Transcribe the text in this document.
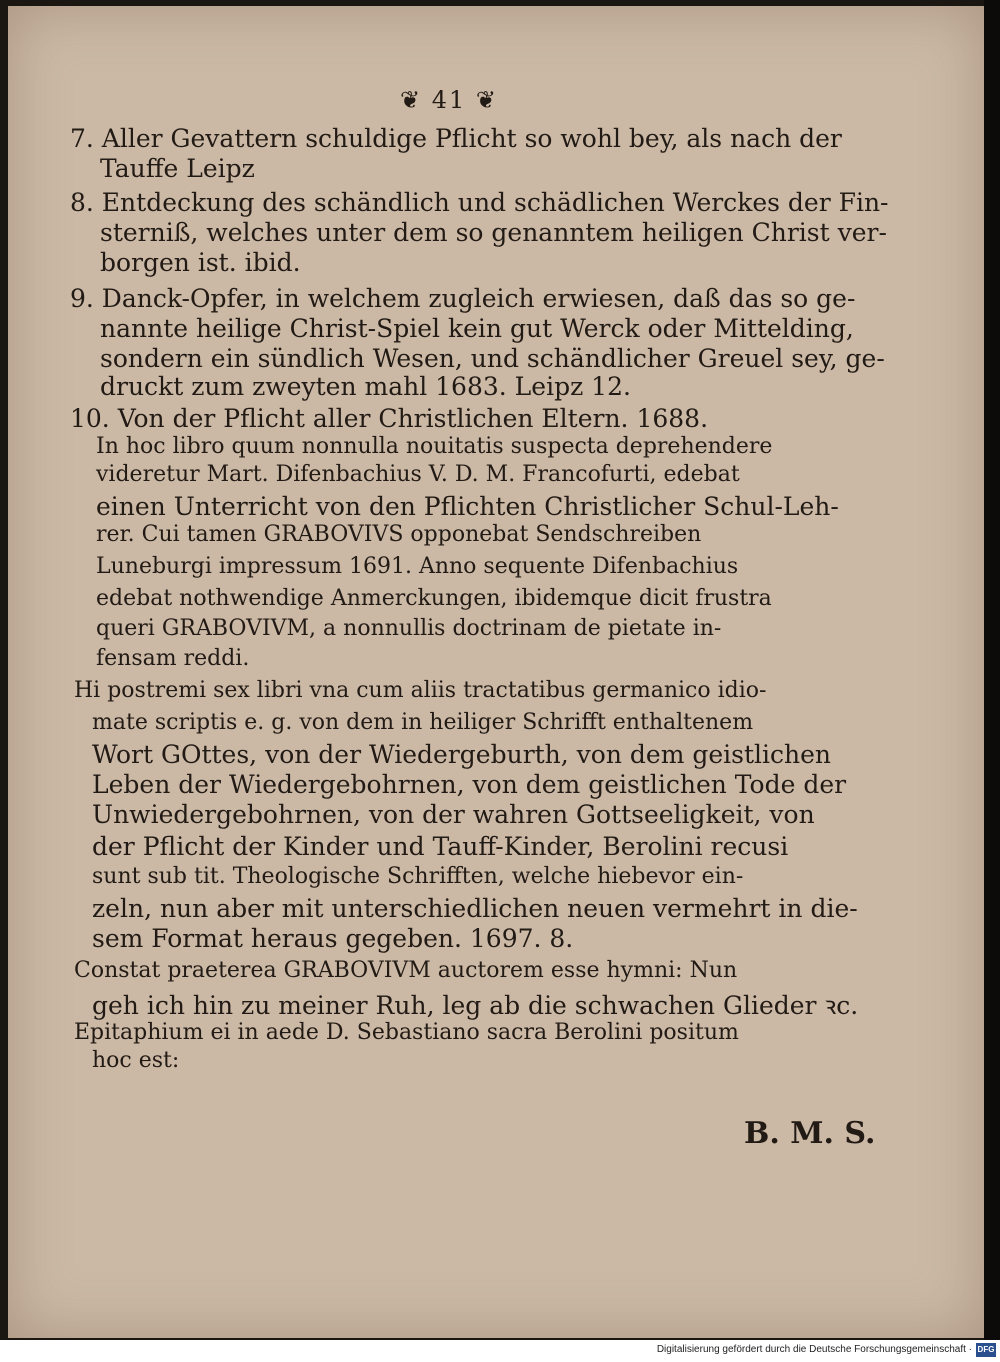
❦ 41 ❦
7. Aller Gevattern schuldige Pflicht so wohl bey, als nach der
Tauffe Leipz
8. Entdeckung des schändlich und schädlichen Werckes der Fin-
sterniß, welches unter dem so genanntem heiligen Christ ver-
borgen ist. ibid.
9. Danck-Opfer, in welchem zugleich erwiesen, daß das so ge-
nannte heilige Christ-Spiel kein gut Werck oder Mittelding,
sondern ein sündlich Wesen, und schändlicher Greuel sey, ge-
druckt zum zweyten mahl 1683. Leipz 12.
10. Von der Pflicht aller Christlichen Eltern. 1688.
In hoc libro quum nonnulla nouitatis suspecta deprehendere
videretur Mart. Difenbachius V. D. M. Francofurti, edebat
einen Unterricht von den Pflichten Christlicher Schul-Leh-
rer. Cui tamen GRABOVIVS opponebat Sendschreiben
Luneburgi impressum 1691. Anno sequente Difenbachius
edebat nothwendige Anmerckungen, ibidemque dicit frustra
queri GRABOVIVM, a nonnullis doctrinam de pietate in-
fensam reddi.
Hi postremi sex libri vna cum aliis tractatibus germanico idio-
mate scriptis e. g. von dem in heiliger Schrifft enthaltenem
Wort GOttes, von der Wiedergeburth, von dem geistlichen
Leben der Wiedergebohrnen, von dem geistlichen Tode der
Unwiedergebohrnen, von der wahren Gottseeligkeit, von
der Pflicht der Kinder und Tauff-Kinder, Berolini recusi
sunt sub tit. Theologische Schrifften, welche hiebevor ein-
zeln, nun aber mit unterschiedlichen neuen vermehrt in die-
sem Format heraus gegeben. 1697. 8.
Constat praeterea GRABOVIVM auctorem esse hymni: Nun
geh ich hin zu meiner Ruh, leg ab die schwachen Glieder ꝛc.
Epitaphium ei in aede D. Sebastiano sacra Berolini positum
hoc est:
B. M. S.
Digitalisierung gefördert durch die Deutsche Forschungsgemeinschaft · DFG
